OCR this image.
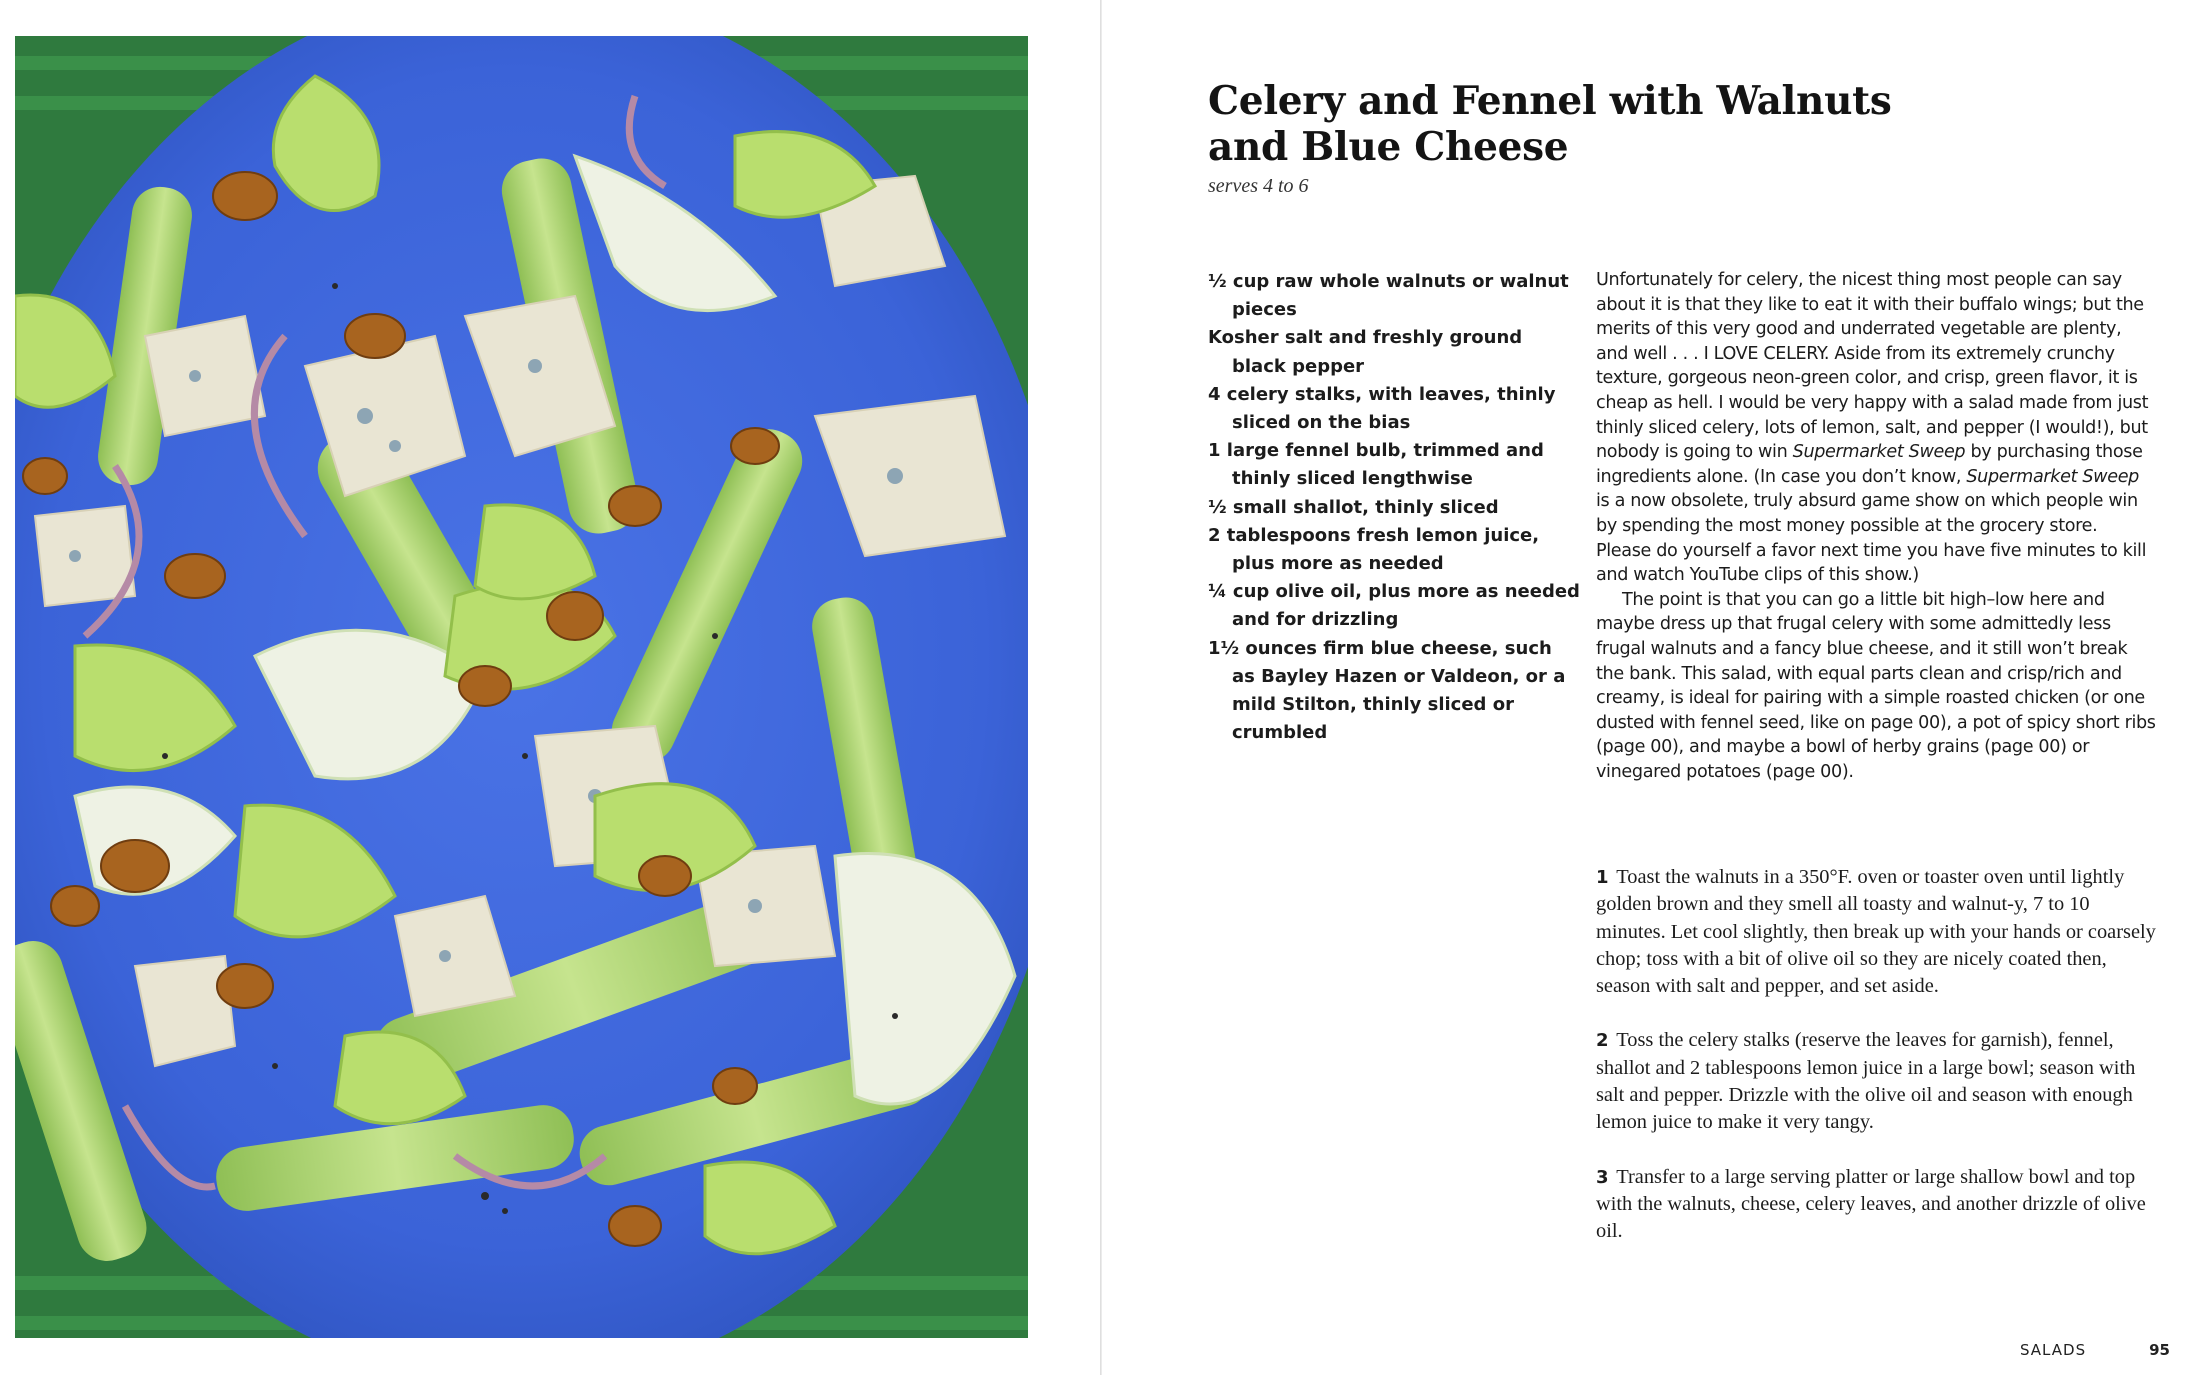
Celery and Fennel with Walnuts
and Blue Cheese
serves 4 to 6
½ cup raw whole walnuts or walnut pieces
Kosher salt and freshly ground black pepper
4 celery stalks, with leaves, thinly sliced on the bias
1 large fennel bulb, trimmed and thinly sliced lengthwise
½ small shallot, thinly sliced
2 tablespoons fresh lemon juice, plus more as needed
¼ cup olive oil, plus more as needed and for drizzling
1½ ounces firm blue cheese, such as Bayley Hazen or Valdeon, or a mild Stilton, thinly sliced or crumbled

Unfortunately for celery, the nicest thing most people can say about it is that they like to eat it with their buffalo wings; but the merits of this very good and underrated vegetable are plenty, and well . . . I LOVE CELERY. Aside from its extremely crunchy texture, gorgeous neon-green color, and crisp, green flavor, it is cheap as hell. I would be very happy with a salad made from just thinly sliced celery, lots of lemon, salt, and pepper (I would!), but nobody is going to win Supermarket Sweep by purchasing those ingredients alone. (In case you don’t know, Supermarket Sweep is a now obsolete, truly absurd game show on which people win by spending the most money possible at the grocery store. Please do yourself a favor next time you have five minutes to kill and watch YouTube clips of this show.)

The point is that you can go a little bit high–low here and maybe dress up that frugal celery with some admittedly less frugal walnuts and a fancy blue cheese, and it still won’t break the bank. This salad, with equal parts clean and crisp/rich and creamy, is ideal for pairing with a simple roasted chicken (or one dusted with fennel seed, like on page 00), a pot of spicy short ribs (page 00), and maybe a bowl of herby grains (page 00) or vinegared potatoes (page 00).

1 Toast the walnuts in a 350°F. oven or toaster oven until lightly golden brown and they smell all toasty and walnut-y, 7 to 10 minutes. Let cool slightly, then break up with your hands or coarsely chop; toss with a bit of olive oil so they are nicely coated then, season with salt and pepper, and set aside.

2 Toss the celery stalks (reserve the leaves for garnish), fennel, shallot and 2 tablespoons lemon juice in a large bowl; season with salt and pepper. Drizzle with the olive oil and season with enough lemon juice to make it very tangy.

3 Transfer to a large serving platter or large shallow bowl and top with the walnuts, cheese, celery leaves, and another drizzle of olive oil.

SALADS	95
